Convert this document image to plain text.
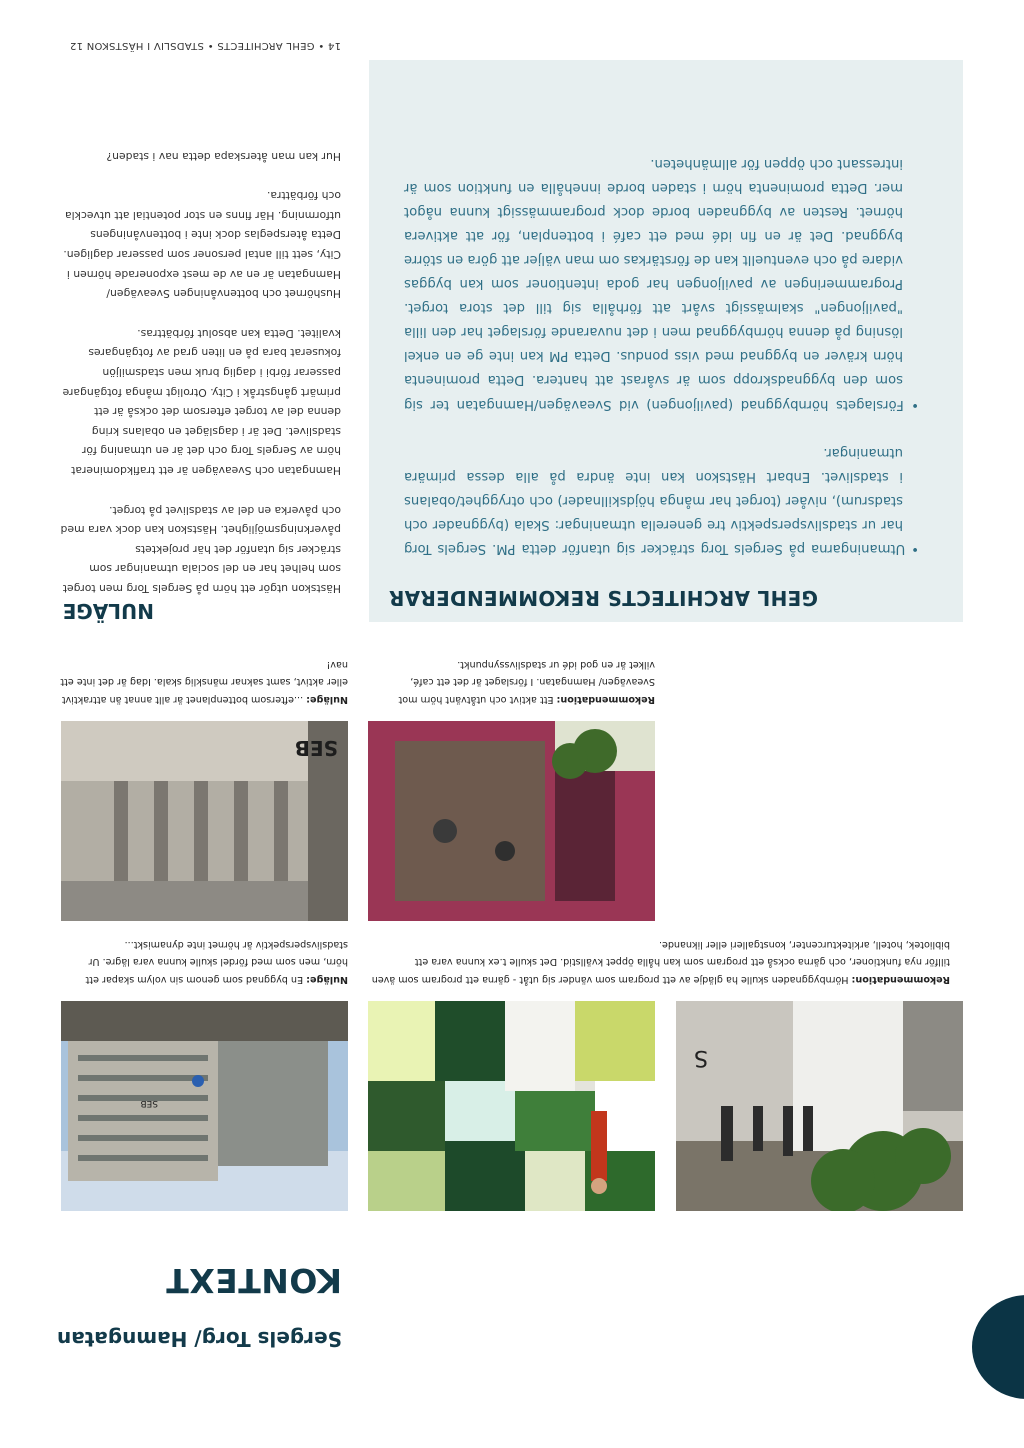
KONTEXT
Sergels Torg/ Hamngatan
14 • GEHL ARCHITECTS • STADSLIV I HÄSTSKON 12
SEB
S
Nuläge: En byggnad som genom sin volym skapar ett hörn, men som med fördel skulle kunna vara lägre. Ur stadslivsperspektiv är hörnet inte dynamiskt...
Rekommendation: Hörnbyggnaden skulle ha glädje av ett program som vänder sig utåt - gärna ett program som även tillför nya funktioner, och gärna också ett program som kan hålla öppet kvällstid. Det skulle t.ex kunna vara ett bibliotek, hotell, arkitekturcenter, konstgalleri eller liknande.
SEB
Nuläge: ...eftersom bottenplanet är allt annat än attraktivt eller aktivt, samt saknar mänsklig skala. Idag är det inte ett nav!
Rekommendation: Ett aktivt och utåtvänt hörn mot Sveavägen/ Hamngatan. I förslaget är det ett café, vilket är en god idé ur stadslivssynpunkt.
GEHL ARCHITECTS REKOMMENDERAR

• Utmaningarna på Sergels Torg sträcker sig utanför detta PM. Sergels Torg har ur stadslivsperspektiv tre generella utmaningar: Skala (byggnader och stadsrum), nivåer (torget har många höjdskillnader) och otrygghet/obalans i stadslivet. Enbart Hästskon kan inte ändra på alla dessa primära utmaningar.

• Förslagets hörnbyggnad (paviljongen) vid Sveavägen/Hamngatan ter sig som den byggnadskropp som är svårast att hantera. Detta prominenta hörn kräver en byggnad med viss pondus. Detta PM kan inte ge en enkel lösning på denna hörnbyggnad men i det nuvarande förslaget har den lilla "paviljongen" skalmässigt svårt att förhålla sig till det stora torget. Programmeringen av paviljongen har goda intentioner som kan byggas vidare på och eventuellt kan de förstärkas om man väljer att göra en större byggnad. Det är en fin idé med ett café i bottenplan, för att aktivera hörnet. Resten av byggnaden borde dock programmässigt kunna något mer. Detta prominenta hörn i staden borde innehålla en funktion som är intressant och öppen för allmänheten.

NULÄGE

Hästskon utgör ett hörn på Sergels Torg men torget som helhet har en del sociala utmaningar som sträcker sig utanför det här projektets påverkningsmöjlighet. Hästskon kan dock vara med och påverka en del av stadslivet på torget.

Hamngatan och Sveavägen är ett trafikdominerat hörn av Sergels Torg och det är en utmaning för stadslivet. Det är i dagsläget en obalans kring denna del av torget eftersom det också är ett primärt gångstråk i City. Otroligt många fotgängare passerar förbi i daglig bruk men stadsmiljön fokuserat bara på en liten grad av fotgängares kvalitet. Detta kan absolut förbättras.

Hushörnet och bottenvåningen Sveavägen/ Hamngatan är en av de mest exponerade hörnen i City, sett till antal personer som passerar dagligen. Detta återspeglas dock inte i bottenvåningens utformning. Här finns en stor potential att utveckla och förbättra.

Hur kan man återskapa detta nav i staden?
